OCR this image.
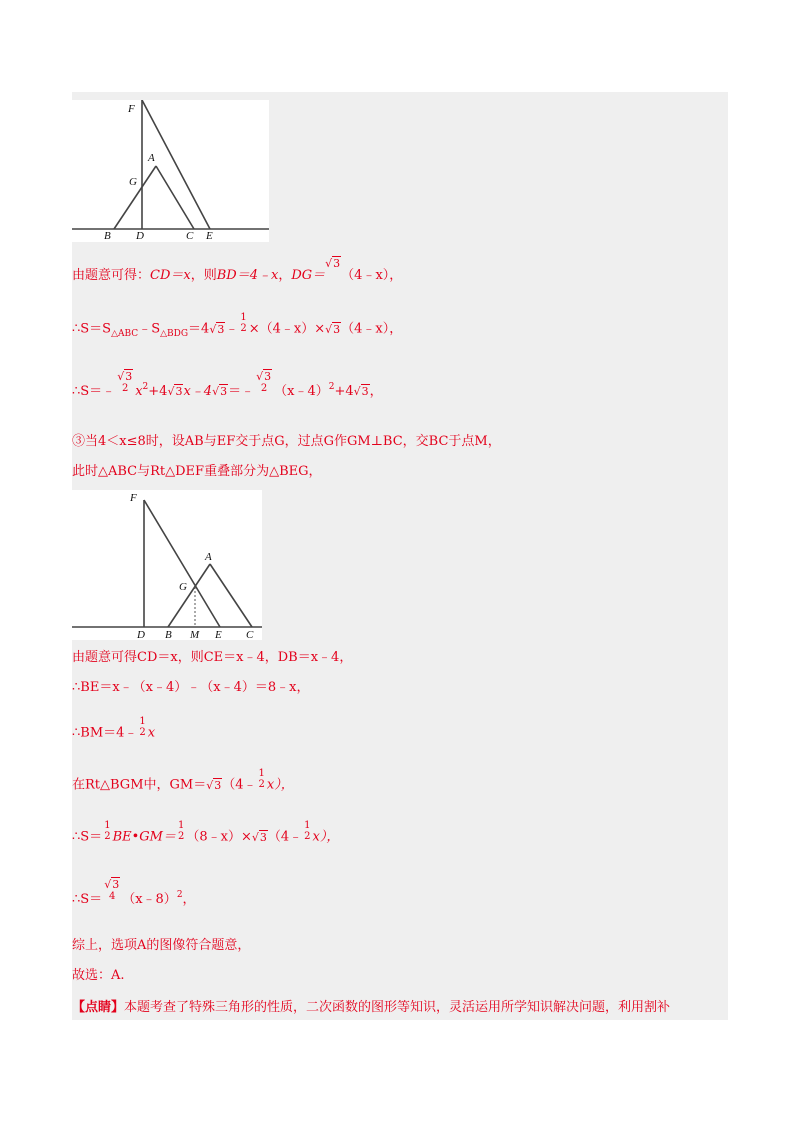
F
A
G
B D	C E
由题意可得：CD＝x，则BD＝4﹣x，DG＝√3（4﹣x），
$\therefore S=S_{\triangle ABC}﹣S_{\triangle BDG}=4√3﹣$
1
2 ×（4﹣x）×√3（4﹣x），
∴S＝﹣
√3
2 $x^2+4√3x﹣4√3=﹣$
√3
2 （x﹣4）$^2$+4√3，
③当4＜x≤8时，设AB与EF交于点G，过点G作GM⊥BC，交BC于点M，
此时△ABC与Rt△DEF重叠部分为△BEG，
F
A
G
D B M E C
由题意可得CD＝x，则CE＝x﹣4，DB＝x﹣4，
∴BE＝x﹣（x﹣4）﹣（x﹣4）＝8﹣x，
∴BM＝4﹣
1
2 x
在Rt△BGM中，GM＝√3（4﹣
1
2 x），
∴S＝
1
2 BE•GM＝
1
2 （8﹣x）×√3（4﹣
1
2 x），
∴S＝
√3
4 （x﹣8）$^2$，
综上，选项A的图像符合题意，
故选：A.
【点睛】本题考查了特殊三角形的性质，二次函数的图形等知识，灵活运用所学知识解决问题，利用割补
